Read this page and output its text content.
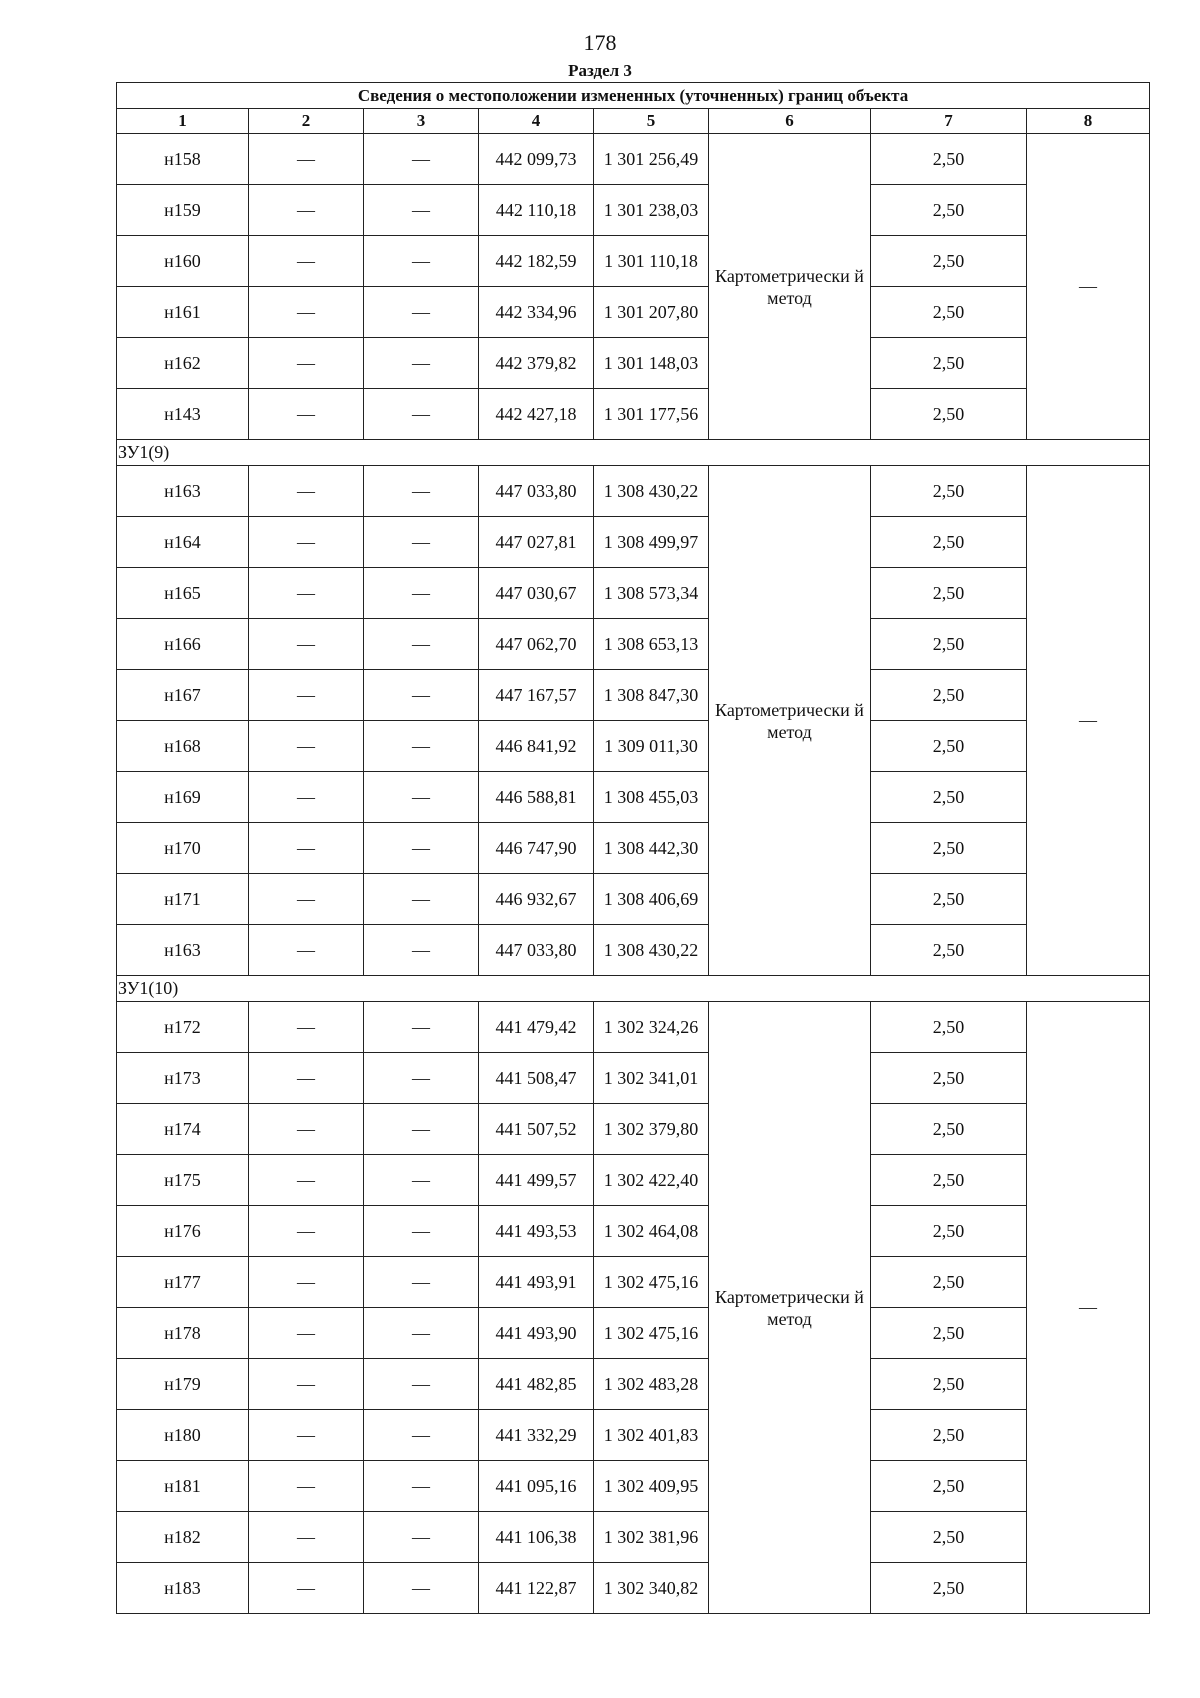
178
Раздел 3
Сведения о местоположении измененных (уточненных) границ объекта							
1	2	3	4	5	6	7	8
н158	—	—	442 099,73	1 301 256,49	Картометрически й метод	2,50	—
н159	—	—	442 110,18	1 301 238,03		2,50	
н160	—	—	442 182,59	1 301 110,18		2,50	
н161	—	—	442 334,96	1 301 207,80		2,50	
н162	—	—	442 379,82	1 301 148,03		2,50	
н143	—	—	442 427,18	1 301 177,56		2,50	
ЗУ1(9)							
н163	—	—	447 033,80	1 308 430,22	Картометрически й метод	2,50	—
н164	—	—	447 027,81	1 308 499,97		2,50	
н165	—	—	447 030,67	1 308 573,34		2,50	
н166	—	—	447 062,70	1 308 653,13		2,50	
н167	—	—	447 167,57	1 308 847,30		2,50	
н168	—	—	446 841,92	1 309 011,30		2,50	
н169	—	—	446 588,81	1 308 455,03		2,50	
н170	—	—	446 747,90	1 308 442,30		2,50	
н171	—	—	446 932,67	1 308 406,69		2,50	
н163	—	—	447 033,80	1 308 430,22		2,50	
ЗУ1(10)							
н172	—	—	441 479,42	1 302 324,26	Картометрически й метод	2,50	—
н173	—	—	441 508,47	1 302 341,01		2,50	
н174	—	—	441 507,52	1 302 379,80		2,50	
н175	—	—	441 499,57	1 302 422,40		2,50	
н176	—	—	441 493,53	1 302 464,08		2,50	
н177	—	—	441 493,91	1 302 475,16		2,50	
н178	—	—	441 493,90	1 302 475,16		2,50	
н179	—	—	441 482,85	1 302 483,28		2,50	
н180	—	—	441 332,29	1 302 401,83		2,50	
н181	—	—	441 095,16	1 302 409,95		2,50	
н182	—	—	441 106,38	1 302 381,96		2,50	
н183	—	—	441 122,87	1 302 340,82		2,50	
